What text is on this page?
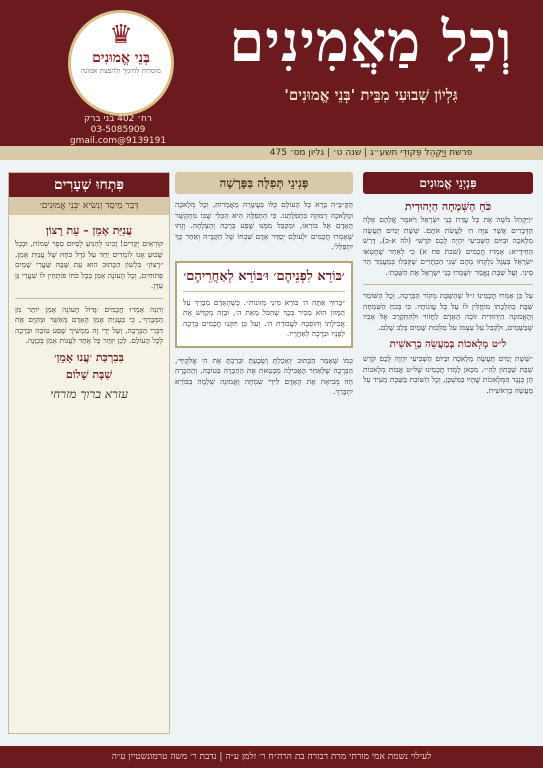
♛
בְּנֵי אֱמוּנִים
מוסדות לחינוך ולהפצת אמונה
רח׳ 402 בני ברק
03-5085909
9139191@gmail.com
וְכָל מַאֲמִינִים
גִּלְיוֹן שְׁבוּעִי מִבֵּית 'בְּנֵי אֱמוּנִים'
פרשת וַיַּקְהֵל פְּקוּדֵי תשע״ג | שנה ט׳ | גליון מס׳ 475
פִּנְיְנֵי אֱמוּנִים
כֹּחַ הַשִּׁמְחָה הַיְהוּדִית
״וַיַּקְהֵל מֹשֶׁה אֶת כָּל עֲדַת בְּנֵי יִשְׂרָאֵל וַיֹּאמֶר אֲלֵהֶם אֵלֶּה הַדְּבָרִים אֲשֶׁר צִוָּה ה׳ לַעֲשֹׂת אֹתָם. שֵׁשֶׁת יָמִים תֵּעָשֶׂה מְלָאכָה וּבַיּוֹם הַשְּׁבִיעִי יִהְיֶה לָכֶם קֹדֶשׁ״ (לה א-ב). דָּרַשׁ הַחִידָ״א: אָמְרוּ חֲכָמִים (שבת פח א) כִּי לְאַחַר שֶׁחָטְאוּ יִשְׂרָאֵל בְּעֵגֶל נִלְקְחוּ מֵהֶם שְׁנֵי הַכְּתָרִים שֶׁקִּבְּלוּ בְּמַעֲמַד הַר סִינַי. וְעַל שַׁבָּת נֶאֱמַר ׳וְשָׁמְרוּ בְנֵי יִשְׂרָאֵל אֶת הַשַּׁבָּת׳.
עַל כֵּן אָמְרוּ חֲכָמֵינוּ ז״ל שֶׁהַשַּׁבָּת מְקוֹר הַבְּרָכָה, וְכָל הַשּׁוֹמֵר שַׁבָּת כְּהִלְכָתוֹ מוֹחֲלִין לוֹ עַל כָּל עֲוֹנוֹתָיו. כִּי בְּכֹחַ הַשִּׁמְחָה וְהָאֱמוּנָה הַיְהוּדִית זוֹכֶה הָאָדָם לַחֲזוֹר וּלְהִתְקָרֵב אֶל אָבִיו שֶׁבַּשָּׁמַיִם, וּלְקַבֵּל עַל עַצְמוֹ עֹל מַלְכוּת שָׁמַיִם בְּלֵב שָׁלֵם.
ל״ט מְלָאכוֹת בְּמַעֲשֵׂה בְרֵאשִׁית
״שֵׁשֶׁת יָמִים תֵּעָשֶׂה מְלָאכָה וּבַיּוֹם הַשְּׁבִיעִי יִהְיֶה לָכֶם קֹדֶשׁ שַׁבַּת שַׁבָּתוֹן לַה׳״. מִכָּאן לָמְדוּ חֲכָמֵינוּ שֶׁל״ט אֲבוֹת מְלָאכוֹת הֵן כְּנֶגֶד הַמְּלָאכוֹת שֶׁהָיוּ בַּמִּשְׁכָּן, וְכָל הַשּׁוֹבֵת בַּשַּׁבָּת מֵעִיד עַל מַעֲשֵׂה בְרֵאשִׁית.
פְּנִינֵי תְּפִלָּה בַּפָּרָשָׁה
הַקָּ״בָּ״ה בָּרָא כָּל הָעוֹלָם כֻּלּוֹ בַּעֲשָׂרָה מַאֲמָרוֹת, וְכָל מְלָאכָה וּמְלָאכָה רְמוּזָה בִּתְפִלָּתֵנוּ. כִּי הַתְּפִלָּה הִיא הַכְּלִי שֶׁבּוֹ מִתְקַשֵּׁר הָאָדָם אֶל בּוֹרְאוֹ, וּמְקַבֵּל מִמֶּנּוּ שֶׁפַע בְּרָכָה וְהַצְלָחָה. וְזֶהוּ שֶׁאָמְרוּ חֲכָמִים ׳לְעוֹלָם יְסַדֵּר אָדָם שִׁבְחוֹ שֶׁל הַקָּבָּ״ה וְאַחַר כָּךְ יִתְפַּלֵּל׳.
׳בּוֹרֵא לִפְנֵיהֶם׳ וּ׳בּוֹרֵא לְאַחֲרֵיהֶם׳
״בָּרוּךְ אַתָּה ה׳ בּוֹרֵא מִינֵי מְזוֹנוֹת״. כְּשֶׁהָאָדָם מְבָרֵךְ עַל הַמָּזוֹן הוּא מַכִּיר בְּכָךְ שֶׁהַכֹּל מֵאֵת ה׳, וּבָזֶה מְקַדֵּשׁ אֶת אֲכִילָתוֹ וְהוֹפְכָהּ לַעֲבוֹדַת ה׳. וְעַל כֵּן תִּקְּנוּ חֲכָמִים בְּרָכָה לְפָנָיו וּבְרָכָה לְאַחֲרָיו.
כְּמוֹ שֶׁאָמַר הַכָּתוּב ׳וְאָכַלְתָּ וְשָׂבָעְתָּ וּבֵרַכְתָּ אֶת ה׳ אֱלֹקֶיךָ׳, הַבְּרָכָה שֶׁלְּאַחַר הָאֲכִילָה מְבַטֵּאת אֶת הַהַכָּרָה בַּטּוֹבָה, וְהַהַכָּרָה הַזּוֹ מְבִיאָה אֶת הָאָדָם לִידֵי שִׂמְחָה וַאֲמוּנָה שְׁלֵמָה בַּבּוֹרֵא יִתְבָּרַךְ.
פִּתְחוּ שְׁעָרִים
דְּבַר מַיסַד וְנְשִׂיא ׳בְּנֵי אֱמוּנִים׳
עֲנִיַּת אָמֵן – עֵת רָצוֹן
קוֹרְאִים יְקָרִים! זָכִינוּ לְהַגִּיעַ לְסִיּוּם סֵפֶר שְׁמוֹת, וּבְכָל שָׁבוּעַ אָנוּ לוֹמְדִים יַחַד עַל גֹּדֶל כֹּחָהּ שֶׁל עֲנִיַּת אָמֵן. ״רָצוֹן״ בִּלְשׁוֹן הַכָּתוּב הוּא עֵת שֶׁבָּהּ שַׁעֲרֵי שָׁמַיִם פְּתוּחִים, וְכָל הָעוֹנֶה אָמֵן בְּכָל כֹּחוֹ פּוֹתְחִין לוֹ שַׁעֲרֵי גַּן עֵדֶן.
וְהִנֵּה אָמְרוּ חֲכָמִים ׳גָּדוֹל הָעוֹנֶה אָמֵן יוֹתֵר מִן הַמְּבָרֵךְ׳, כִּי בַּעֲנִיַּת אָמֵן הָאָדָם מְאַשֵּׁר וּמְקַיֵּם אֶת דִּבְרֵי הַבְּרָכָה, וְעַל יְדֵי זֶה מַמְשִׁיךְ שֶׁפַע טוֹבָה וּבְרָכָה לְכָל הָעוֹלָם. לָכֵן יִזָּהֵר כָּל אֶחָד לַעֲנוֹת אָמֵן בְּכַוָּנָה.
בִּבִרְכַּת ׳עֲנוּ אָמֵן׳
שַׁבָּת שָׁלוֹם
עזרא ברוך מזרחי
לעילוי נשמת אמי מורתי מרת דבורה בת הרה״ח ר׳ זלמן ע״ה | נדבת ר׳ משה טרמונשטיין ע״ה
